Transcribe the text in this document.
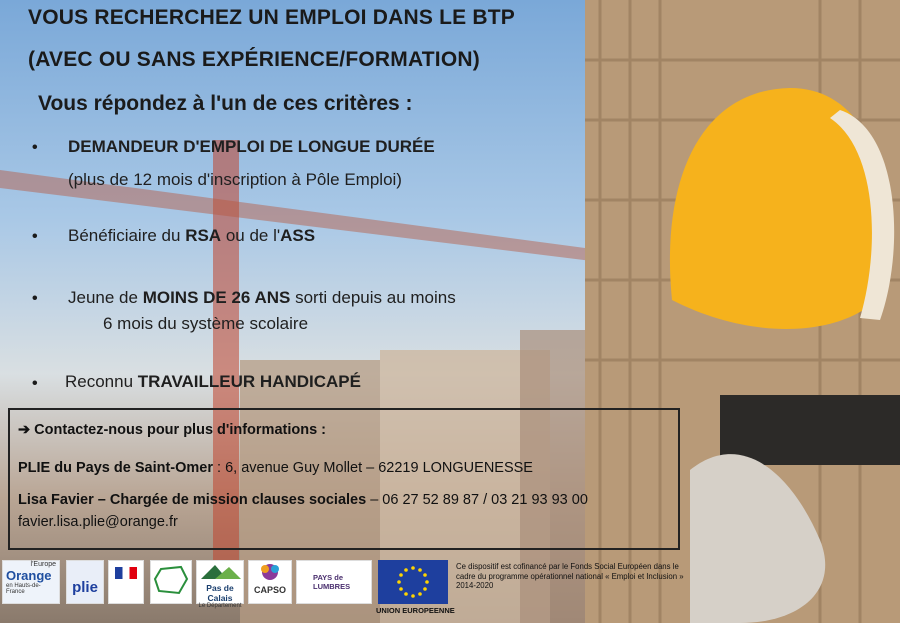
VOUS RECHERCHEZ UN EMPLOI DANS LE BTP
(AVEC OU SANS EXPÉRIENCE/FORMATION)
Vous répondez à l'un de ces critères :
• DEMANDEUR D'EMPLOI DE LONGUE DURÉE
(plus de 12 mois d'inscription à Pôle Emploi)
• Bénéficiaire du RSA ou de l'ASS
• Jeune de MOINS DE 26 ANS sorti depuis au moins
6 mois du système scolaire
• Reconnu TRAVAILLEUR HANDICAPÉ
➔ Contactez-nous pour plus d'informations :
PLIE du Pays de Saint-Omer : 6, avenue Guy Mollet – 62219 LONGUENESSE
Lisa Favier – Chargée de mission clauses sociales – 06 27 52 89 87 / 03 21 93 93 00
favier.lisa.plie@orange.fr
l'Europe
Orange
en Hauts-de-France	plie	Pas de Calais
Le Département
CAPSO
PAYS de LUMBRES
UNION EUROPEENNE
Ce dispositif est cofinancé par le Fonds Social Européen dans le cadre du programme opérationnel national « Emploi et Inclusion » 2014-2020
